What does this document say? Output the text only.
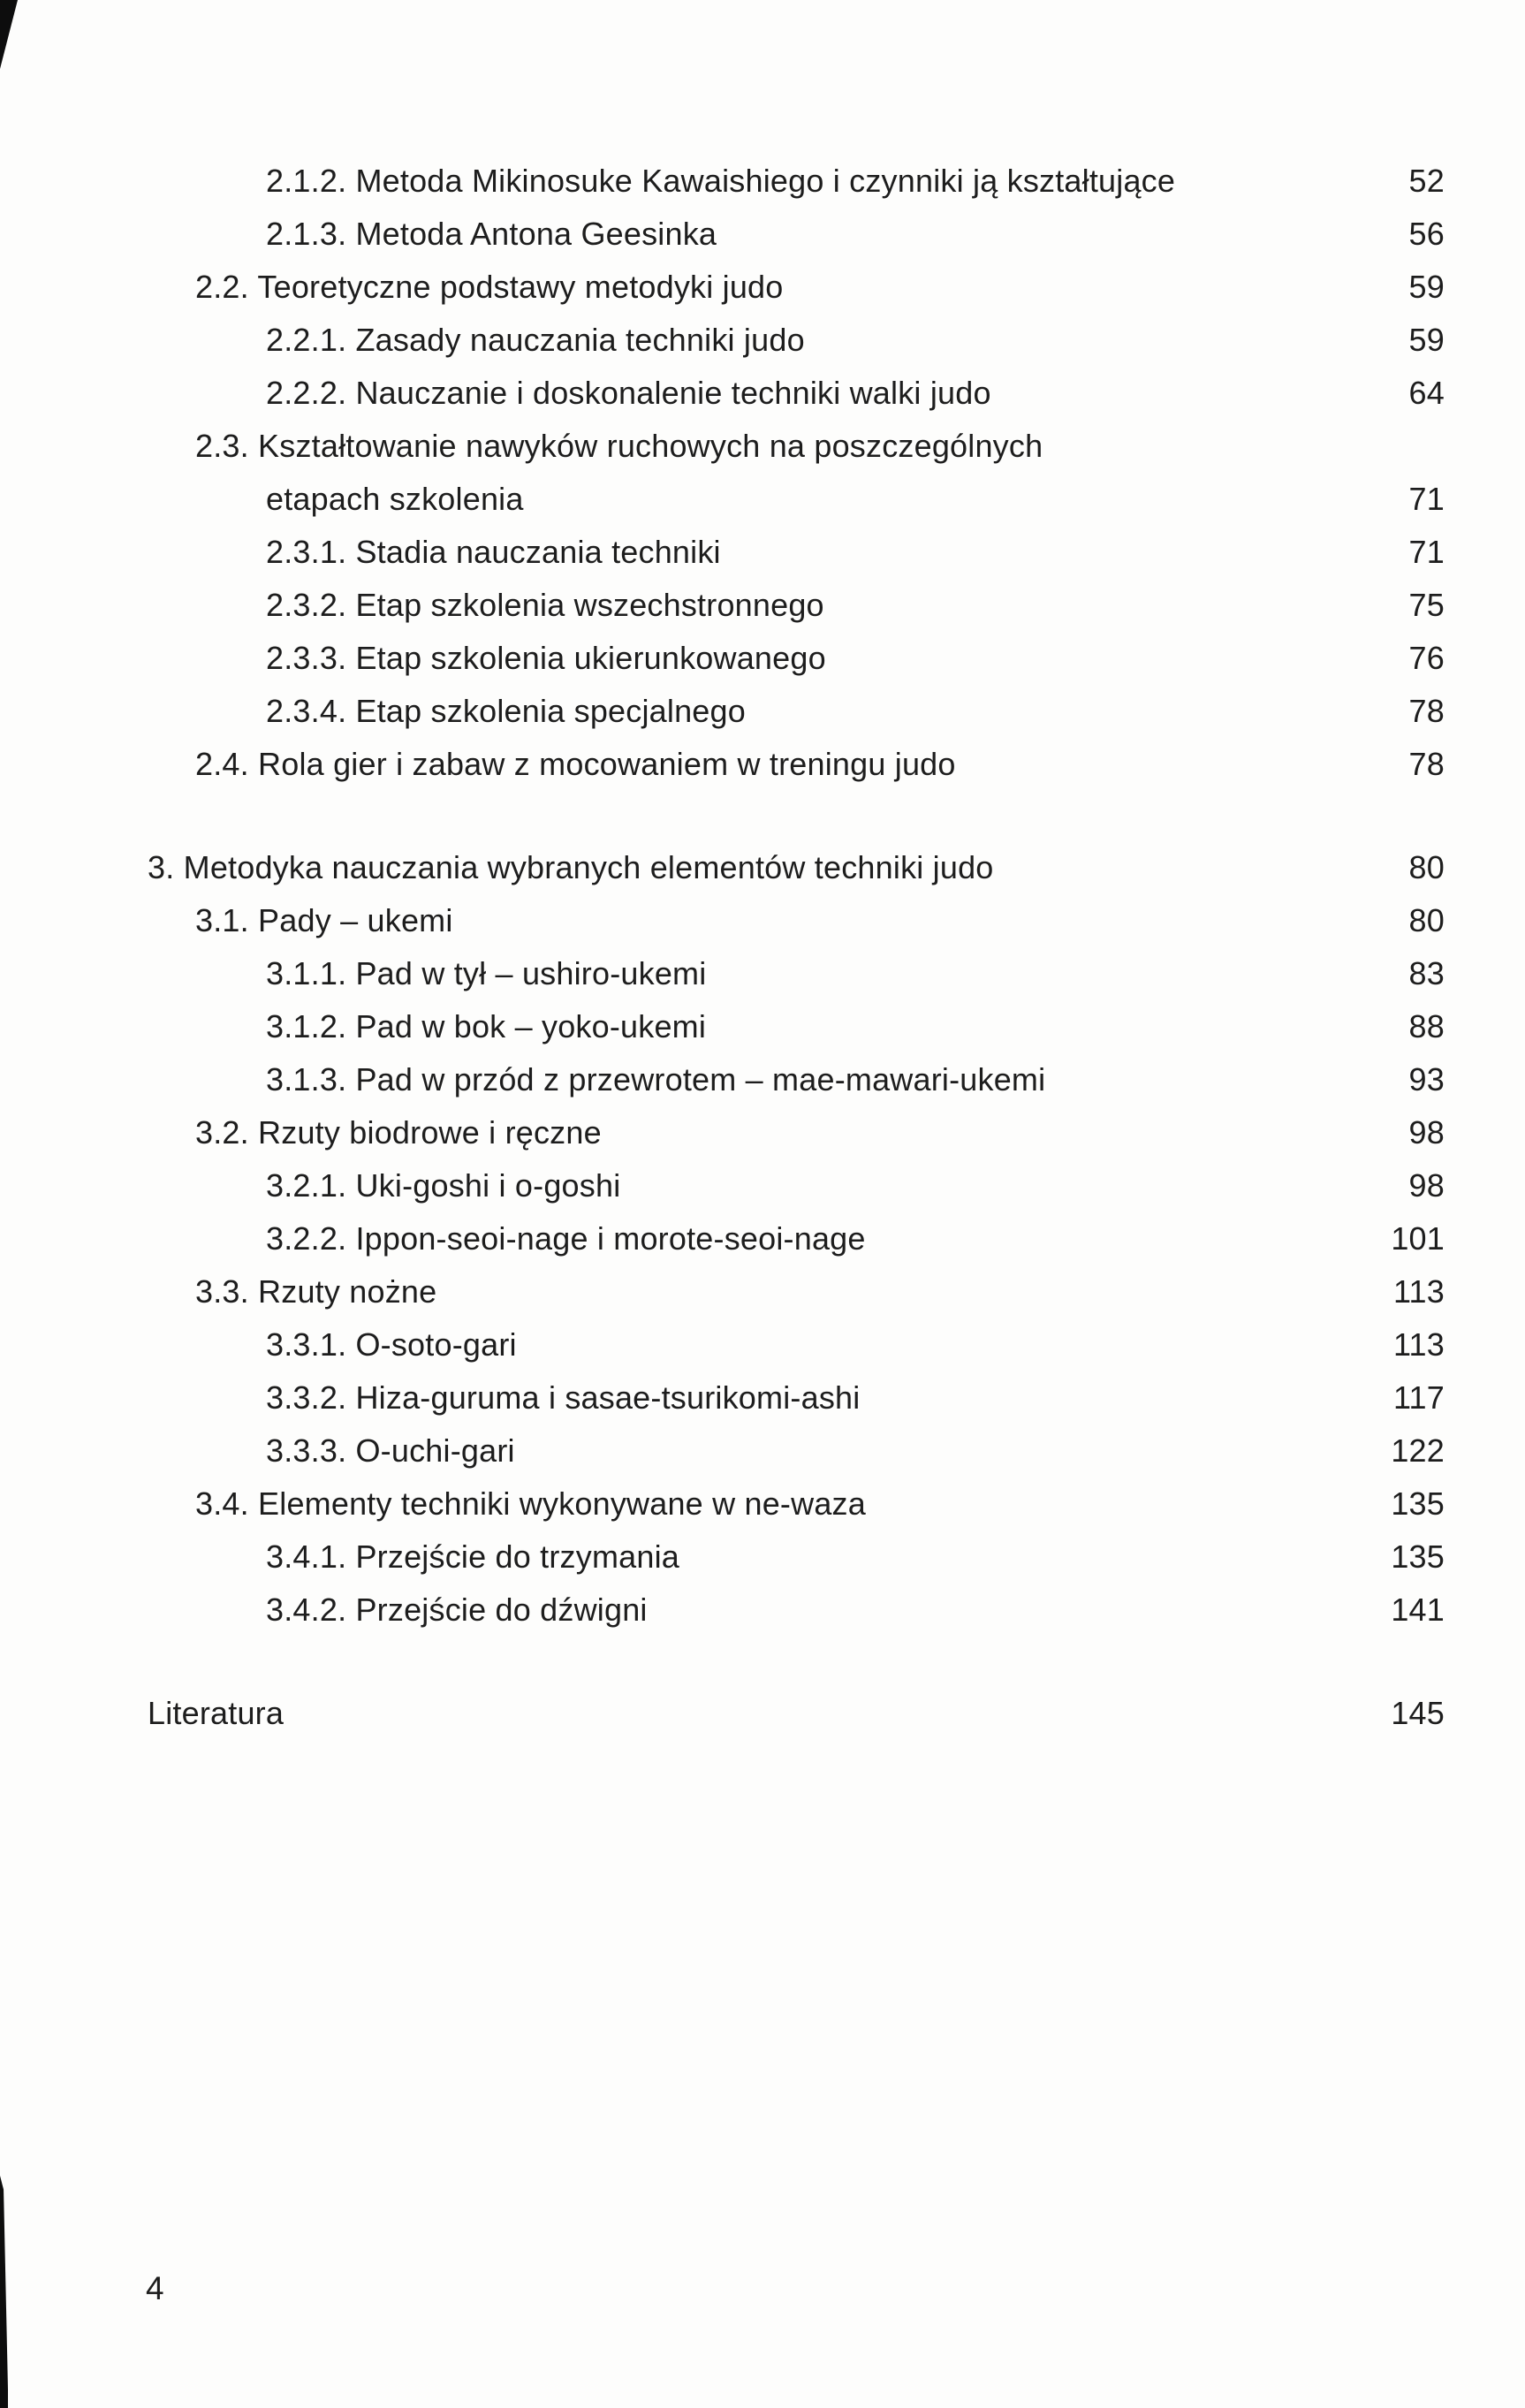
2.1.2. Metoda Mikinosuke Kawaishiego i czynniki ją kształtujące	52
2.1.3. Metoda Antona Geesinka	56
2.2. Teoretyczne podstawy metodyki judo	59
2.2.1. Zasady nauczania techniki judo	59
2.2.2. Nauczanie i doskonalenie techniki walki judo	64
2.3. Kształtowanie nawyków ruchowych na poszczególnych
etapach szkolenia	71
2.3.1. Stadia nauczania techniki	71
2.3.2. Etap szkolenia wszechstronnego	75
2.3.3. Etap szkolenia ukierunkowanego	76
2.3.4. Etap szkolenia specjalnego	78
2.4. Rola gier i zabaw z mocowaniem w treningu judo	78
3. Metodyka nauczania wybranych elementów techniki judo	80
3.1. Pady – ukemi	80
3.1.1. Pad w tył – ushiro-ukemi	83
3.1.2. Pad w bok – yoko-ukemi	88
3.1.3. Pad w przód z przewrotem – mae-mawari-ukemi	93
3.2. Rzuty biodrowe i ręczne	98
3.2.1. Uki-goshi i o-goshi	98
3.2.2. Ippon-seoi-nage i morote-seoi-nage	101
3.3. Rzuty nożne	113
3.3.1. O-soto-gari	113
3.3.2. Hiza-guruma i sasae-tsurikomi-ashi	117
3.3.3. O-uchi-gari	122
3.4. Elementy techniki wykonywane w ne-waza	135
3.4.1. Przejście do trzymania	135
3.4.2. Przejście do dźwigni	141
Literatura	145
4
